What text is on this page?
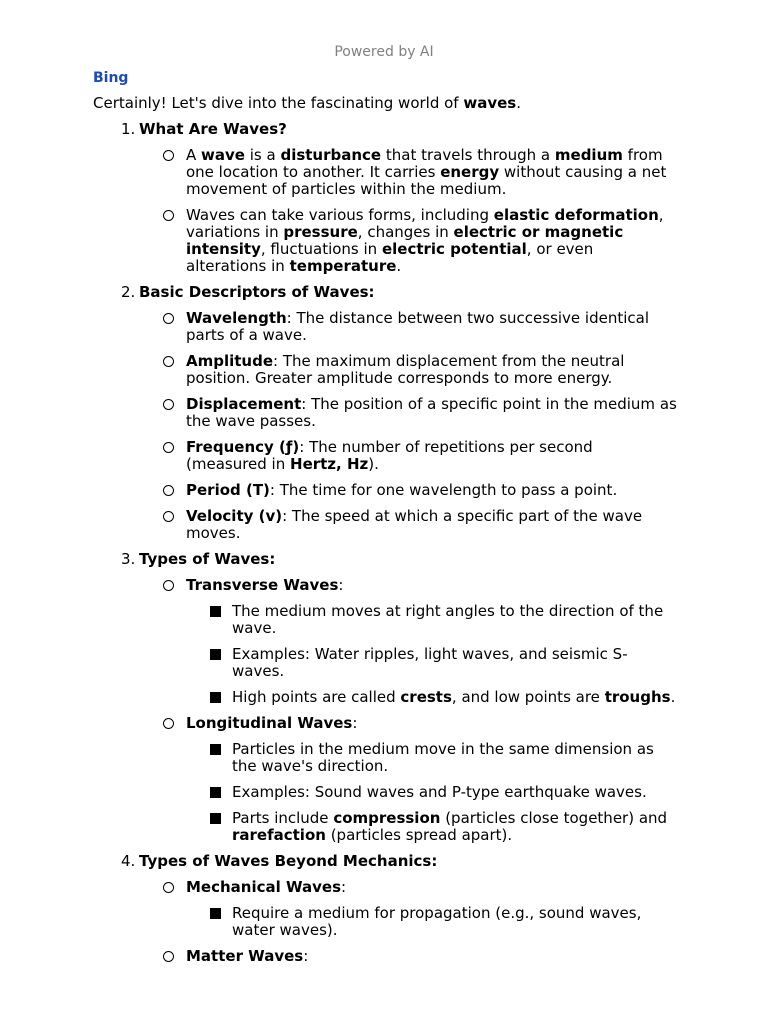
Powered by AI
Bing
Certainly! Let's dive into the fascinating world of waves.
1. What Are Waves?
A wave is a disturbance that travels through a medium from one location to another. It carries energy without causing a net movement of particles within the medium.
Waves can take various forms, including elastic deformation, variations in pressure, changes in electric or magnetic intensity, fluctuations in electric potential, or even alterations in temperature.
2. Basic Descriptors of Waves:
Wavelength: The distance between two successive identical parts of a wave.
Amplitude: The maximum displacement from the neutral position. Greater amplitude corresponds to more energy.
Displacement: The position of a specific point in the medium as the wave passes.
Frequency (ƒ): The number of repetitions per second (measured in Hertz, Hz).
Period (T): The time for one wavelength to pass a point.
Velocity (v): The speed at which a specific part of the wave moves.
3. Types of Waves:
Transverse Waves:
The medium moves at right angles to the direction of the wave.
Examples: Water ripples, light waves, and seismic S-waves.
High points are called crests, and low points are troughs.
Longitudinal Waves:
Particles in the medium move in the same dimension as the wave's direction.
Examples: Sound waves and P-type earthquake waves.
Parts include compression (particles close together) and rarefaction (particles spread apart).
4. Types of Waves Beyond Mechanics:
Mechanical Waves:
Require a medium for propagation (e.g., sound waves, water waves).
Matter Waves:
